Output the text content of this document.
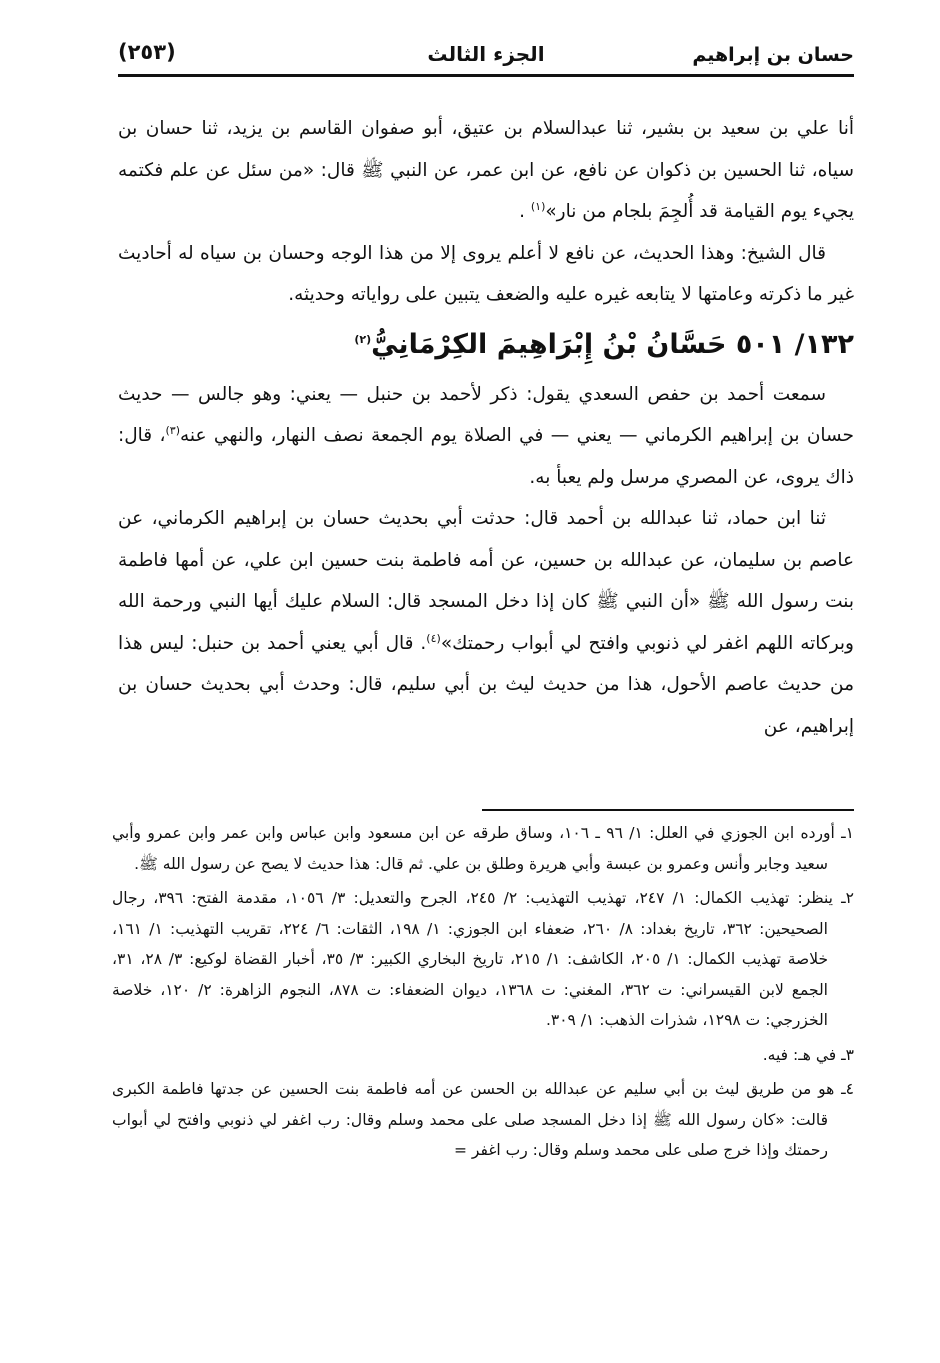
حسان بن إبراهيم
الجزء الثالث
(٢٥٣)

أنا علي بن سعيد بن بشير، ثنا عبدالسلام بن عتيق، أبو صفوان القاسم بن يزيد، ثنا حسان بن سياه، ثنا الحسين بن ذكوان عن نافع، عن ابن عمر، عن النبي ﷺ قال: «من سئل عن علم فكتمه يجيء يوم القيامة قد أُلجِمَ بلجام من نار»$^{(١)}$ .

قال الشيخ: وهذا الحديث، عن نافع لا أعلم يروى إلا من هذا الوجه وحسان بن سياه له أحاديث غير ما ذكرته وعامتها لا يتابعه غيره عليه والضعف يتبين على رواياته وحديثه.

١٣٢/ ٥٠١ حَسَّانُ بْنُ إِبْرَاهِيمَ الكِرْمَانِيُّ$^{(٢)}$

سمعت أحمد بن حفص السعدي يقول: ذكر لأحمد بن حنبل — يعني: وهو جالس — حديث حسان بن إبراهيم الكرماني — يعني — في الصلاة يوم الجمعة نصف النهار، والنهي عنه$^{(٣)}$، قال: ذاك يروى، عن المصري مرسل ولم يعبأ به.

ثنا ابن حماد، ثنا عبدالله بن أحمد قال: حدثت أبي بحديث حسان بن إبراهيم الكرماني، عن عاصم بن سليمان، عن عبدالله بن حسين، عن أمه فاطمة بنت حسين ابن علي، عن أمها فاطمة بنت رسول الله ﷺ «أن النبي ﷺ كان إذا دخل المسجد قال: السلام عليك أيها النبي ورحمة الله وبركاته اللهم اغفر لي ذنوبي وافتح لي أبواب رحمتك»$^{(٤)}$. قال أبي يعني أحمد بن حنبل: ليس هذا من حديث عاصم الأحول، هذا من حديث ليث بن أبي سليم، قال: وحدث أبي بحديث حسان بن إبراهيم، عن

١ـ أورده ابن الجوزي في العلل: ١/ ٩٦ ـ ١٠٦، وساق طرقه عن ابن مسعود وابن عباس وابن عمر وابن عمرو وأبي سعيد وجابر وأنس وعمرو بن عبسة وأبي هريرة وطلق بن علي. ثم قال: هذا حديث لا يصح عن رسول الله ﷺ.

٢ـ ينظر: تهذيب الكمال: ١/ ٢٤٧، تهذيب التهذيب: ٢/ ٢٤٥، الجرح والتعديل: ٣/ ١٠٥٦، مقدمة الفتح: ٣٩٦، رجال الصحيحين: ٣٦٢، تاريخ بغداد: ٨/ ٢٦٠، ضعفاء ابن الجوزي: ١/ ١٩٨، الثقات: ٦/ ٢٢٤، تقريب التهذيب: ١/ ١٦١، خلاصة تهذيب الكمال: ١/ ٢٠٥، الكاشف: ١/ ٢١٥، تاريخ البخاري الكبير: ٣/ ٣٥، أخبار القضاة لوكيع: ٣/ ٢٨، ٣١، الجمع لابن القيسراني: ت ٣٦٢، المغني: ت ١٣٦٨، ديوان الضعفاء: ت ٨٧٨، النجوم الزاهرة: ٢/ ١٢٠، خلاصة الخزرجي: ت ١٢٩٨، شذرات الذهب: ١/ ٣٠٩.

٣ـ في هـ: فيه.

٤ـ هو من طريق ليث بن أبي سليم عن عبدالله بن الحسن عن أمه فاطمة بنت الحسين عن جدتها فاطمة الكبرى قالت: «كان رسول الله ﷺ إذا دخل المسجد صلى على محمد وسلم وقال: رب اغفر لي ذنوبي وافتح لي أبواب رحمتك وإذا خرج صلى على محمد وسلم وقال: رب اغفر =
